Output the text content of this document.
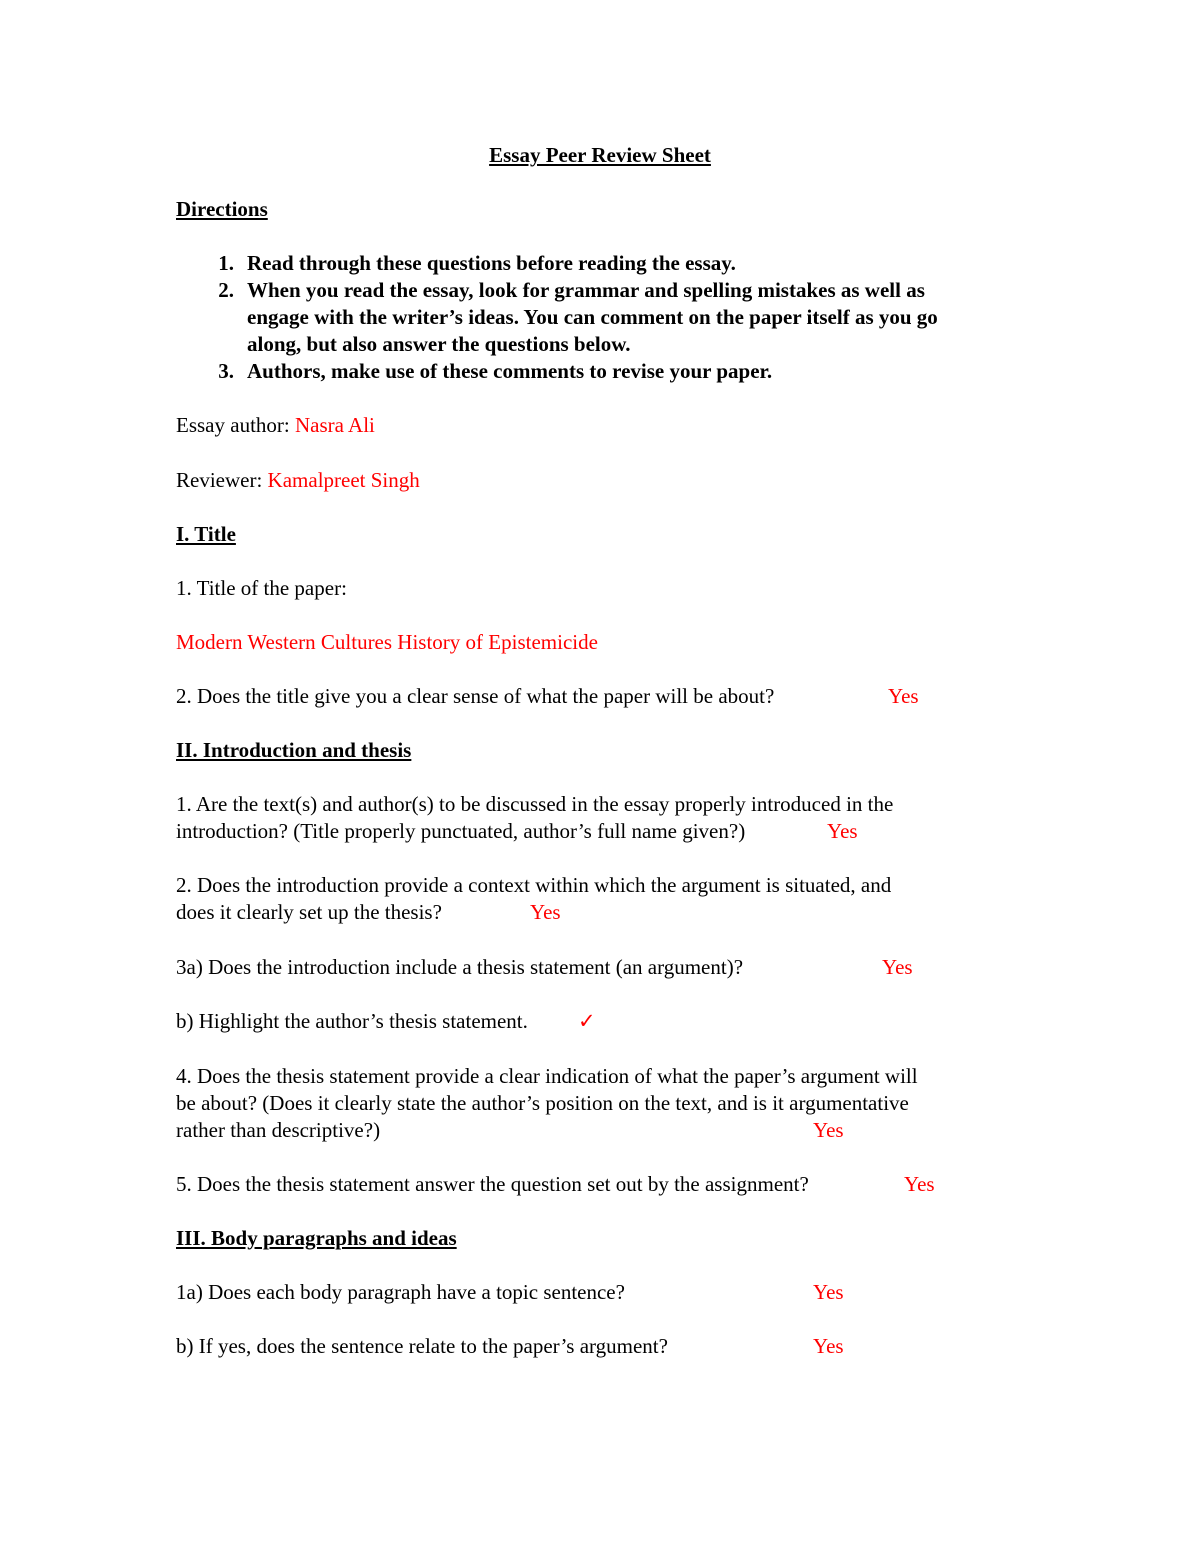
Essay Peer Review Sheet
Directions
1. Read through these questions before reading the essay.
2. When you read the essay, look for grammar and spelling mistakes as well as
engage with the writer’s ideas. You can comment on the paper itself as you go
along, but also answer the questions below.
3. Authors, make use of these comments to revise your paper.
Essay author: Nasra Ali
Reviewer: Kamalpreet Singh
I. Title
1. Title of the paper:
Modern Western Cultures History of Epistemicide
2. Does the title give you a clear sense of what the paper will be about?	Yes
II. Introduction and thesis
1. Are the text(s) and author(s) to be discussed in the essay properly introduced in the
introduction? (Title properly punctuated, author’s full name given?)	Yes
2. Does the introduction provide a context within which the argument is situated, and
does it clearly set up the thesis?	Yes
3a) Does the introduction include a thesis statement (an argument)?	Yes
b) Highlight the author’s thesis statement. ✓
4. Does the thesis statement provide a clear indication of what the paper’s argument will
be about? (Does it clearly state the author’s position on the text, and is it argumentative
rather than descriptive?)	Yes
5. Does the thesis statement answer the question set out by the assignment?	Yes
III. Body paragraphs and ideas
1a) Does each body paragraph have a topic sentence?	Yes
b) If yes, does the sentence relate to the paper’s argument?	Yes
